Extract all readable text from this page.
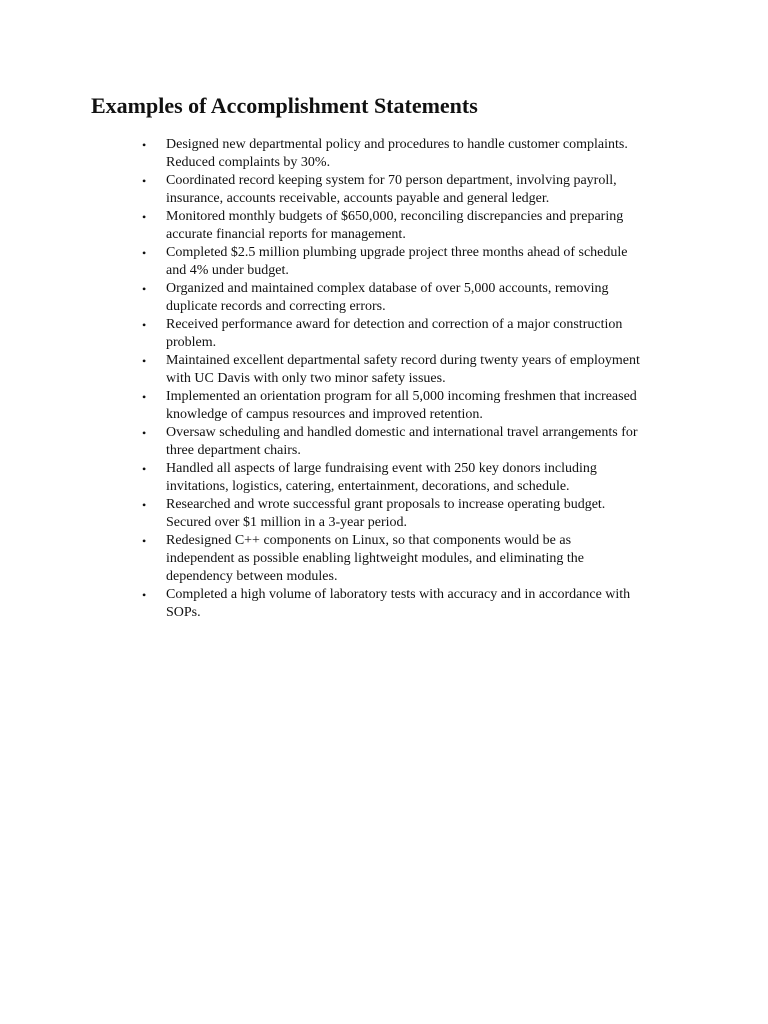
Examples of Accomplishment Statements
• Designed new departmental policy and procedures to handle customer complaints.
Reduced complaints by 30%.
• Coordinated record keeping system for 70 person department, involving payroll,
insurance, accounts receivable, accounts payable and general ledger.
• Monitored monthly budgets of $650,000, reconciling discrepancies and preparing
accurate financial reports for management.
• Completed $2.5 million plumbing upgrade project three months ahead of schedule
and 4% under budget.
• Organized and maintained complex database of over 5,000 accounts, removing
duplicate records and correcting errors.
• Received performance award for detection and correction of a major construction
problem.
• Maintained excellent departmental safety record during twenty years of employment
with UC Davis with only two minor safety issues.
• Implemented an orientation program for all 5,000 incoming freshmen that increased
knowledge of campus resources and improved retention.
• Oversaw scheduling and handled domestic and international travel arrangements for
three department chairs.
• Handled all aspects of large fundraising event with 250 key donors including
invitations, logistics, catering, entertainment, decorations, and schedule.
• Researched and wrote successful grant proposals to increase operating budget.
Secured over $1 million in a 3-year period.
• Redesigned C++ components on Linux, so that components would be as
independent as possible enabling lightweight modules, and eliminating the
dependency between modules.
• Completed a high volume of laboratory tests with accuracy and in accordance with
SOPs.
